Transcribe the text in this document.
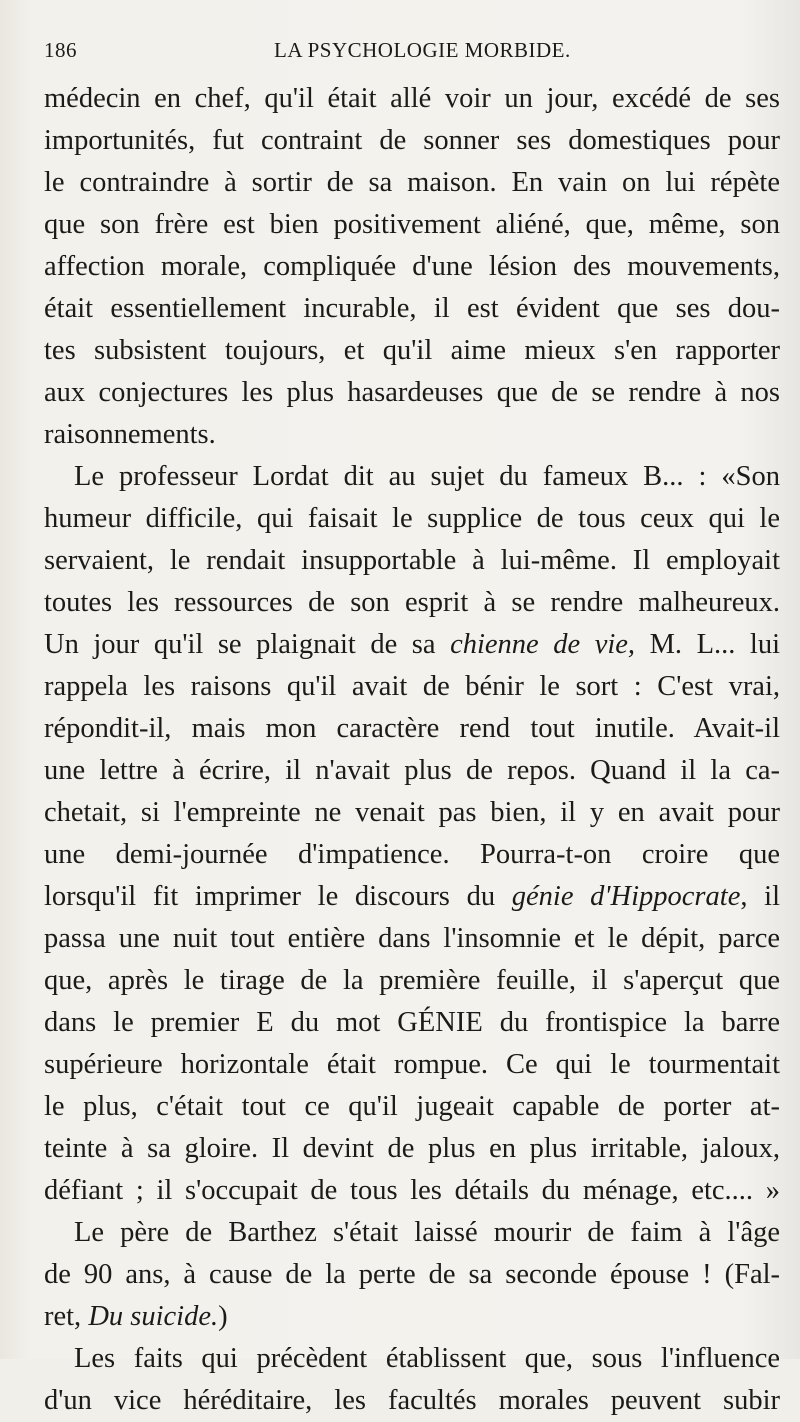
186	LA PSYCHOLOGIE MORBIDE.
médecin en chef, qu'il était allé voir un jour, excédé de ses
importunités, fut contraint de sonner ses domestiques pour
le contraindre à sortir de sa maison. En vain on lui répète
que son frère est bien positivement aliéné, que, même, son
affection morale, compliquée d'une lésion des mouvements,
était essentiellement incurable, il est évident que ses dou-
tes subsistent toujours, et qu'il aime mieux s'en rapporter
aux conjectures les plus hasardeuses que de se rendre à nos
raisonnements.
Le professeur Lordat dit au sujet du fameux B... : «Son
humeur difficile, qui faisait le supplice de tous ceux qui le
servaient, le rendait insupportable à lui-même. Il employait
toutes les ressources de son esprit à se rendre malheureux.
Un jour qu'il se plaignait de sa chienne de vie, M. L... lui
rappela les raisons qu'il avait de bénir le sort : C'est vrai,
répondit-il, mais mon caractère rend tout inutile. Avait-il
une lettre à écrire, il n'avait plus de repos. Quand il la ca-
chetait, si l'empreinte ne venait pas bien, il y en avait pour
une demi-journée d'impatience. Pourra-t-on croire que
lorsqu'il fit imprimer le discours du génie d'Hippocrate, il
passa une nuit tout entière dans l'insomnie et le dépit, parce
que, après le tirage de la première feuille, il s'aperçut que
dans le premier E du mot GÉNIE du frontispice la barre
supérieure horizontale était rompue. Ce qui le tourmentait
le plus, c'était tout ce qu'il jugeait capable de porter at-
teinte à sa gloire. Il devint de plus en plus irritable, jaloux,
défiant ; il s'occupait de tous les détails du ménage, etc.... »
Le père de Barthez s'était laissé mourir de faim à l'âge
de 90 ans, à cause de la perte de sa seconde épouse ! (Fal-
ret, Du suicide.)
Les faits qui précèdent établissent que, sous l'influence
d'un vice héréditaire, les facultés morales peuvent subir
